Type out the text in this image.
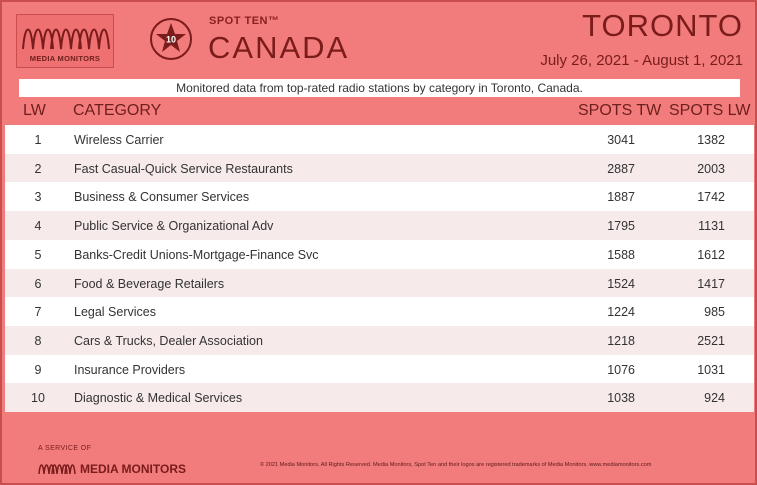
MEDIA MONITORS
10
SPOT TEN™
CANADA
TORONTO
July 26, 2021 - August 1, 2021
Monitored data from top-rated radio stations by category in Toronto, Canada.
LW CATEGORY	SPOTS TW SPOTS LW
1	Wireless Carrier	3041	1382
2	Fast Casual-Quick Service Restaurants	2887	2003
3	Business & Consumer Services	1887	1742
4	Public Service & Organizational Adv	1795	1131
5	Banks-Credit Unions-Mortgage-Finance Svc	1588	1612
6	Food & Beverage Retailers	1524	1417
7	Legal Services	1224	985
8	Cars & Trucks, Dealer Association	1218	2521
9	Insurance Providers	1076	1031
10	Diagnostic & Medical Services	1038	924
A SERVICE OF
MEDIA MONITORS	© 2021 Media Monitors. All Rights Reserved. Media Monitors, Spot Ten and their logos are registered trademarks of Media Monitors. www.mediamonitors.com
